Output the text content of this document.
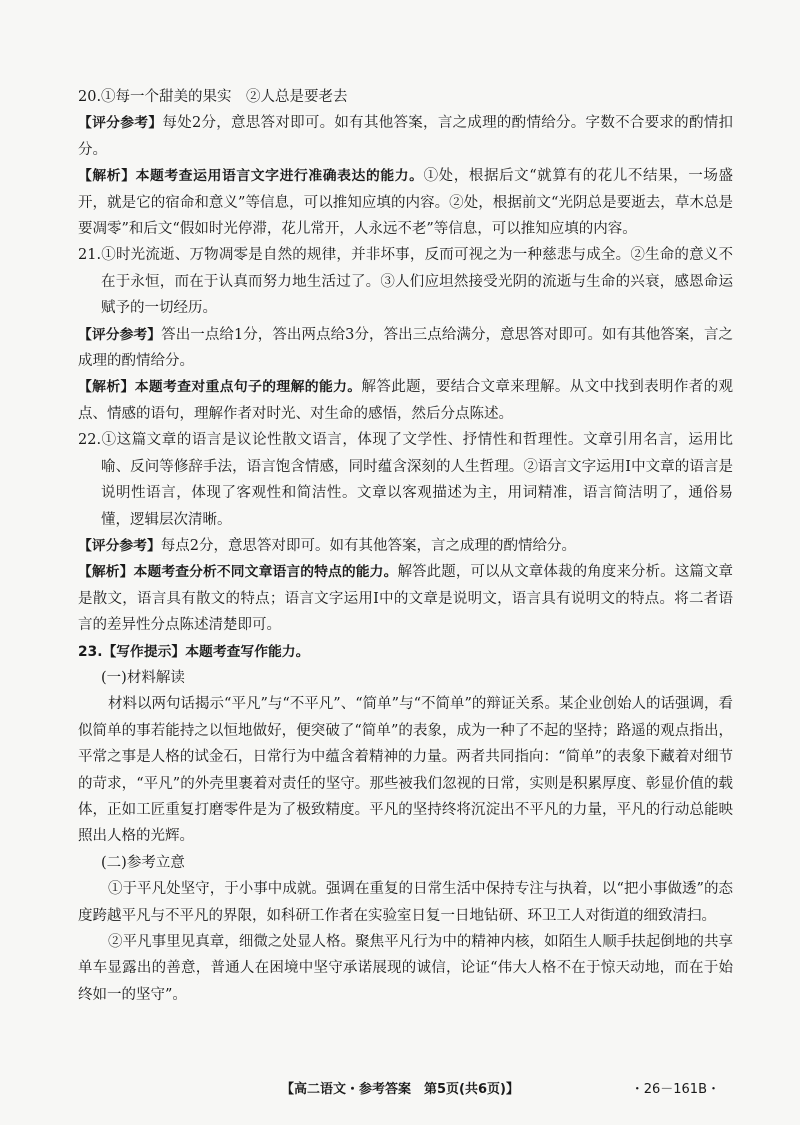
20.①每一个甜美的果实　②人总是要老去

【评分参考】每处2分，意思答对即可。如有其他答案，言之成理的酌情给分。字数不合要求的酌情扣分。

【解析】本题考查运用语言文字进行准确表达的能力。①处，根据后文“就算有的花儿不结果，一场盛开，就是它的宿命和意义”等信息，可以推知应填的内容。②处，根据前文“光阴总是要逝去，草木总是要凋零”和后文“假如时光停滞，花儿常开，人永远不老”等信息，可以推知应填的内容。

21.①时光流逝、万物凋零是自然的规律，并非坏事，反而可视之为一种慈悲与成全。②生命的意义不在于永恒，而在于认真而努力地生活过了。③人们应坦然接受光阴的流逝与生命的兴衰，感恩命运赋予的一切经历。

【评分参考】答出一点给1分，答出两点给3分，答出三点给满分，意思答对即可。如有其他答案，言之成理的酌情给分。

【解析】本题考查对重点句子的理解的能力。解答此题，要结合文章来理解。从文中找到表明作者的观点、情感的语句，理解作者对时光、对生命的感悟，然后分点陈述。

22.①这篇文章的语言是议论性散文语言，体现了文学性、抒情性和哲理性。文章引用名言，运用比喻、反问等修辞手法，语言饱含情感，同时蕴含深刻的人生哲理。②语言文字运用Ⅰ中文章的语言是说明性语言，体现了客观性和简洁性。文章以客观描述为主，用词精准，语言简洁明了，通俗易懂，逻辑层次清晰。

【评分参考】每点2分，意思答对即可。如有其他答案，言之成理的酌情给分。

【解析】本题考查分析不同文章语言的特点的能力。解答此题，可以从文章体裁的角度来分析。这篇文章是散文，语言具有散文的特点；语言文字运用Ⅰ中的文章是说明文，语言具有说明文的特点。将二者语言的差异性分点陈述清楚即可。

23.【写作提示】本题考查写作能力。

(一)材料解读

材料以两句话揭示“平凡”与“不平凡”、“简单”与“不简单”的辩证关系。某企业创始人的话强调，看似简单的事若能持之以恒地做好，便突破了“简单”的表象，成为一种了不起的坚持；路遥的观点指出，平常之事是人格的试金石，日常行为中蕴含着精神的力量。两者共同指向：“简单”的表象下藏着对细节的苛求，“平凡”的外壳里裹着对责任的坚守。那些被我们忽视的日常，实则是积累厚度、彰显价值的载体，正如工匠重复打磨零件是为了极致精度。平凡的坚持终将沉淀出不平凡的力量，平凡的行动总能映照出人格的光辉。

(二)参考立意

①于平凡处坚守，于小事中成就。强调在重复的日常生活中保持专注与执着，以“把小事做透”的态度跨越平凡与不平凡的界限，如科研工作者在实验室日复一日地钻研、环卫工人对街道的细致清扫。

②平凡事里见真章，细微之处显人格。聚焦平凡行为中的精神内核，如陌生人顺手扶起倒地的共享单车显露出的善意，普通人在困境中坚守承诺展现的诚信，论证“伟大人格不在于惊天动地，而在于始终如一的坚守”。

【高二语文・参考答案　第5页(共6页)】	・26－161B・
